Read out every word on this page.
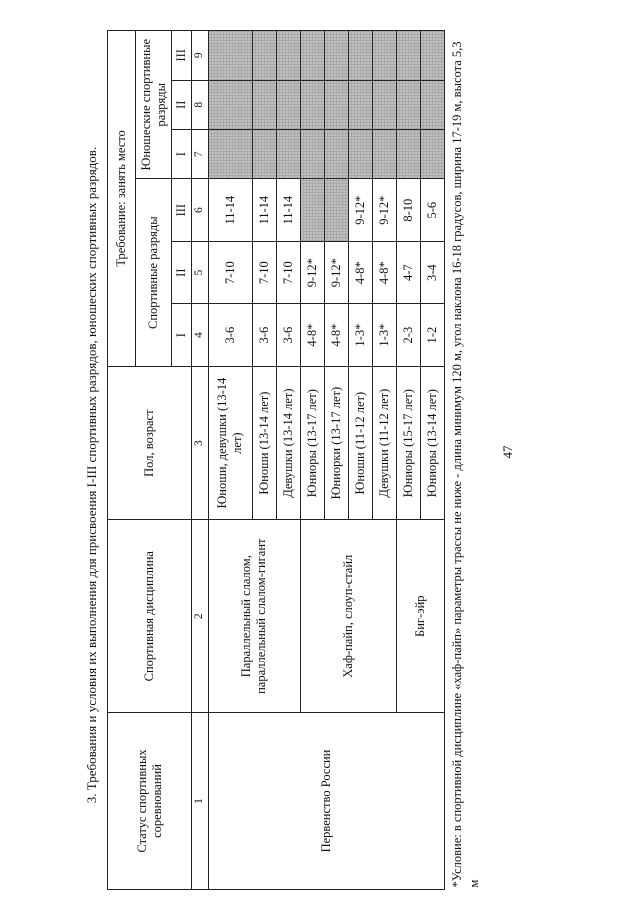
47
3. Требования и условия их выполнения для присвоения I-III спортивных разрядов, юношеских спортивных разрядов.	Статус спортивных соревнований	Спортивная дисциплина	Пол, возраст	Требование: занять место					
			Спортивные разряды			Юношеские спортивные разряды		
			I	II	III	I	II	III
1	2	3	4	5	6	7	8	9
Первенство России	Параллельный слалом, параллельный слалом-гигант	Юноши, девушки (13-14 лет)	3-6	7-10	11-14			
		Юноши (13-14 лет)	3-6	7-10	11-14			
		Девушки (13-14 лет)	3-6	7-10	11-14			
	Хаф-пайп, слоуп-стайл	Юниоры (13-17 лет)	4-8*	9-12*				
		Юниорки (13-17 лет)	4-8*	9-12*				
		Юноши (11-12 лет)	1-3*	4-8*	9-12*			
		Девушки (11-12 лет)	1-3*	4-8*	9-12*			
	Биг-эйр	Юниоры (15-17 лет)	2-3	4-7	8-10			
		Юниоры (13-14 лет)	1-2	3-4	5-6			
*Условие: в спортивной дисциплине «хаф-пайп» параметры трассы не ниже - длина минимум 120 м, угол наклона 16-18 градусов, ширина 17-19 м, высота 5,3 м								
